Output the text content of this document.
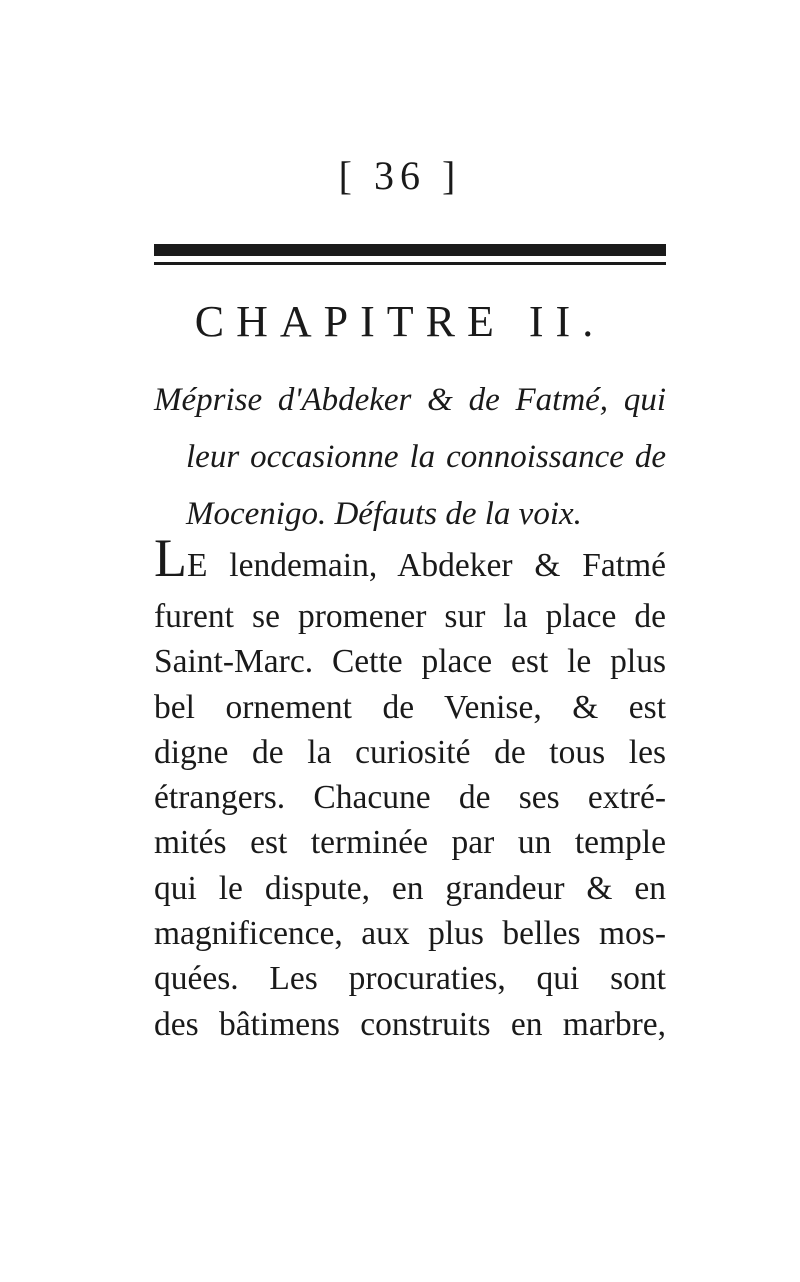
[ 36 ]
CHAPITRE II.
Méprise d'Abdeker & de Fatmé, qui
leur occasionne la connoissance de
Mocenigo. Défauts de la voix.
LE lendemain, Abdeker & Fatmé
furent se promener sur la place de
Saint-Marc. Cette place est le plus
bel ornement de Venise, & est
digne de la curiosité de tous les
étrangers. Chacune de ses extré-
mités est terminée par un temple
qui le dispute, en grandeur & en
magnificence, aux plus belles mos-
quées. Les procuraties, qui sont
des bâtimens construits en marbre,
